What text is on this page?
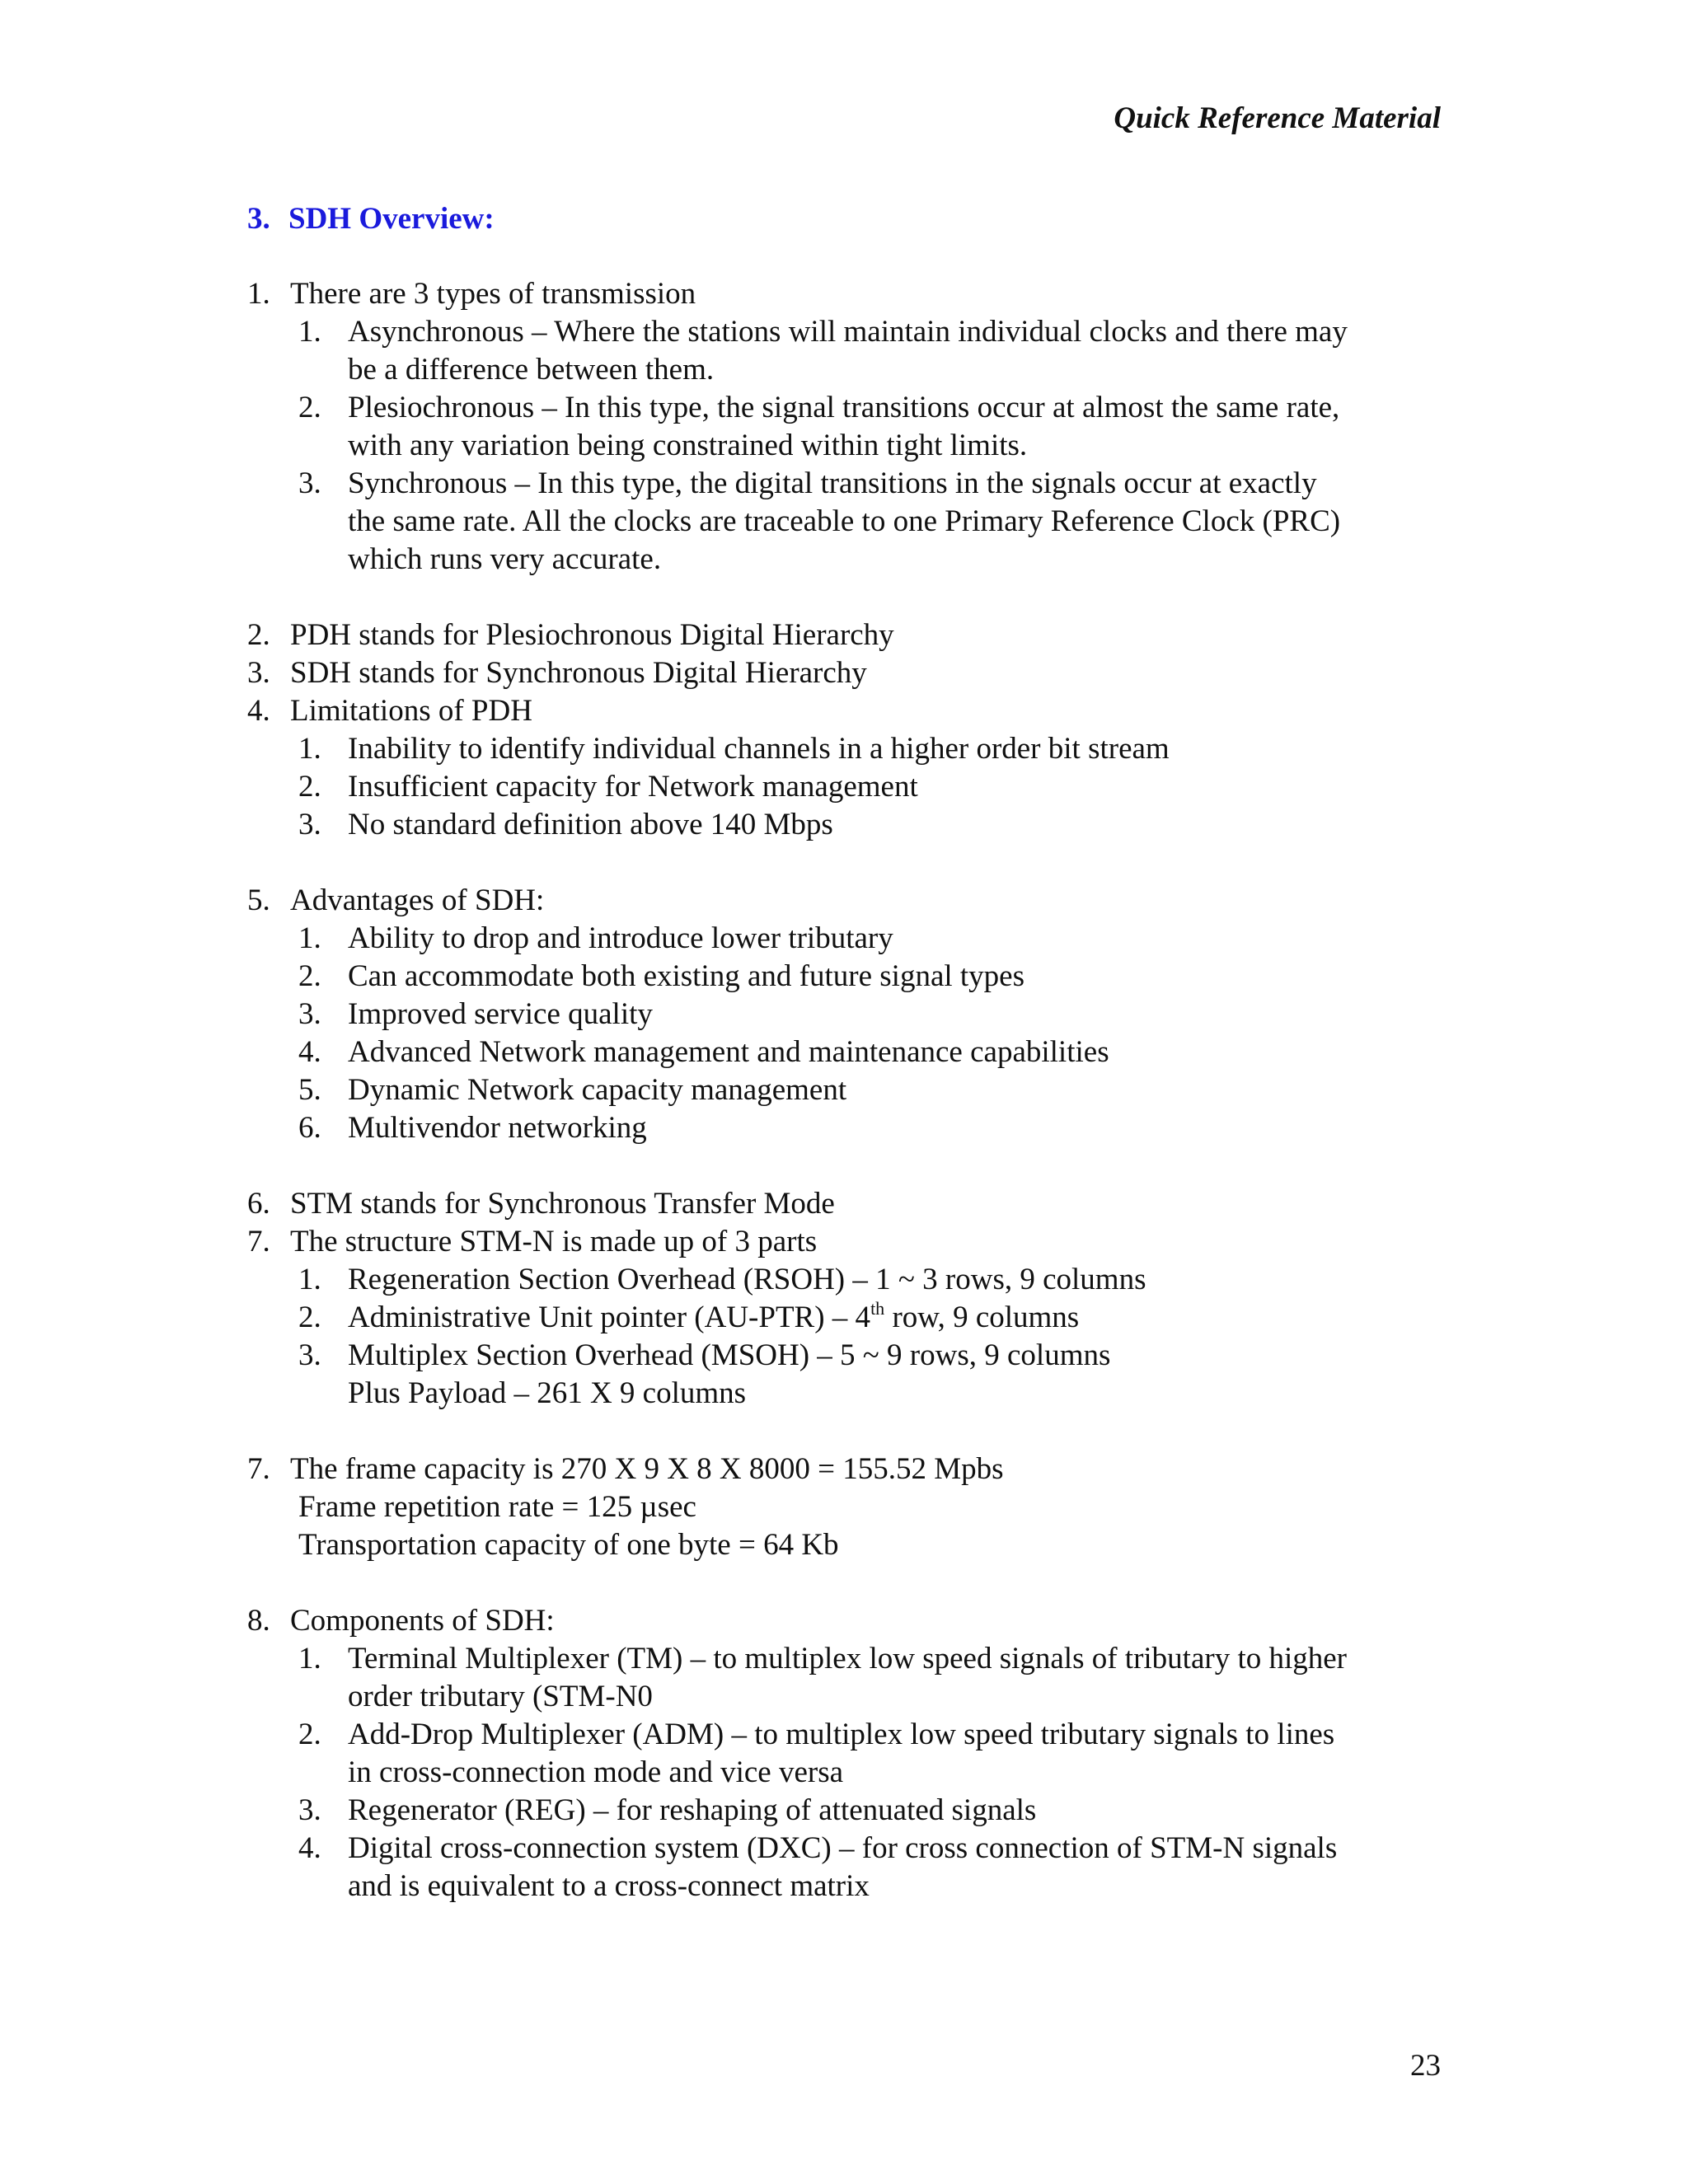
Quick Reference Material
3. SDH Overview:
1. There are 3 types of transmission
1. Asynchronous – Where the stations will maintain individual clocks and there may
be a difference between them.
2. Plesiochronous – In this type, the signal transitions occur at almost the same rate,
with any variation being constrained within tight limits.
3. Synchronous – In this type, the digital transitions in the signals occur at exactly
the same rate. All the clocks are traceable to one Primary Reference Clock (PRC)
which runs very accurate.
2. PDH stands for Plesiochronous Digital Hierarchy
3. SDH stands for Synchronous Digital Hierarchy
4. Limitations of PDH
1. Inability to identify individual channels in a higher order bit stream
2. Insufficient capacity for Network management
3. No standard definition above 140 Mbps
5. Advantages of SDH:
1. Ability to drop and introduce lower tributary
2. Can accommodate both existing and future signal types
3. Improved service quality
4. Advanced Network management and maintenance capabilities
5. Dynamic Network capacity management
6. Multivendor networking
6. STM stands for Synchronous Transfer Mode
7. The structure STM-N is made up of 3 parts
1. Regeneration Section Overhead (RSOH) – 1 ~ 3 rows, 9 columns
2. Administrative Unit pointer (AU-PTR) – 4th row, 9 columns
3. Multiplex Section Overhead (MSOH) – 5 ~ 9 rows, 9 columns
Plus Payload – 261 X 9 columns
7. The frame capacity is 270 X 9 X 8 X 8000 = 155.52 Mpbs
Frame repetition rate = 125 µsec
Transportation capacity of one byte = 64 Kb
8. Components of SDH:
1. Terminal Multiplexer (TM) – to multiplex low speed signals of tributary to higher
order tributary (STM-N0
2. Add-Drop Multiplexer (ADM) – to multiplex low speed tributary signals to lines
in cross-connection mode and vice versa
3. Regenerator (REG) – for reshaping of attenuated signals
4. Digital cross-connection system (DXC) – for cross connection of STM-N signals
and is equivalent to a cross-connect matrix
23
